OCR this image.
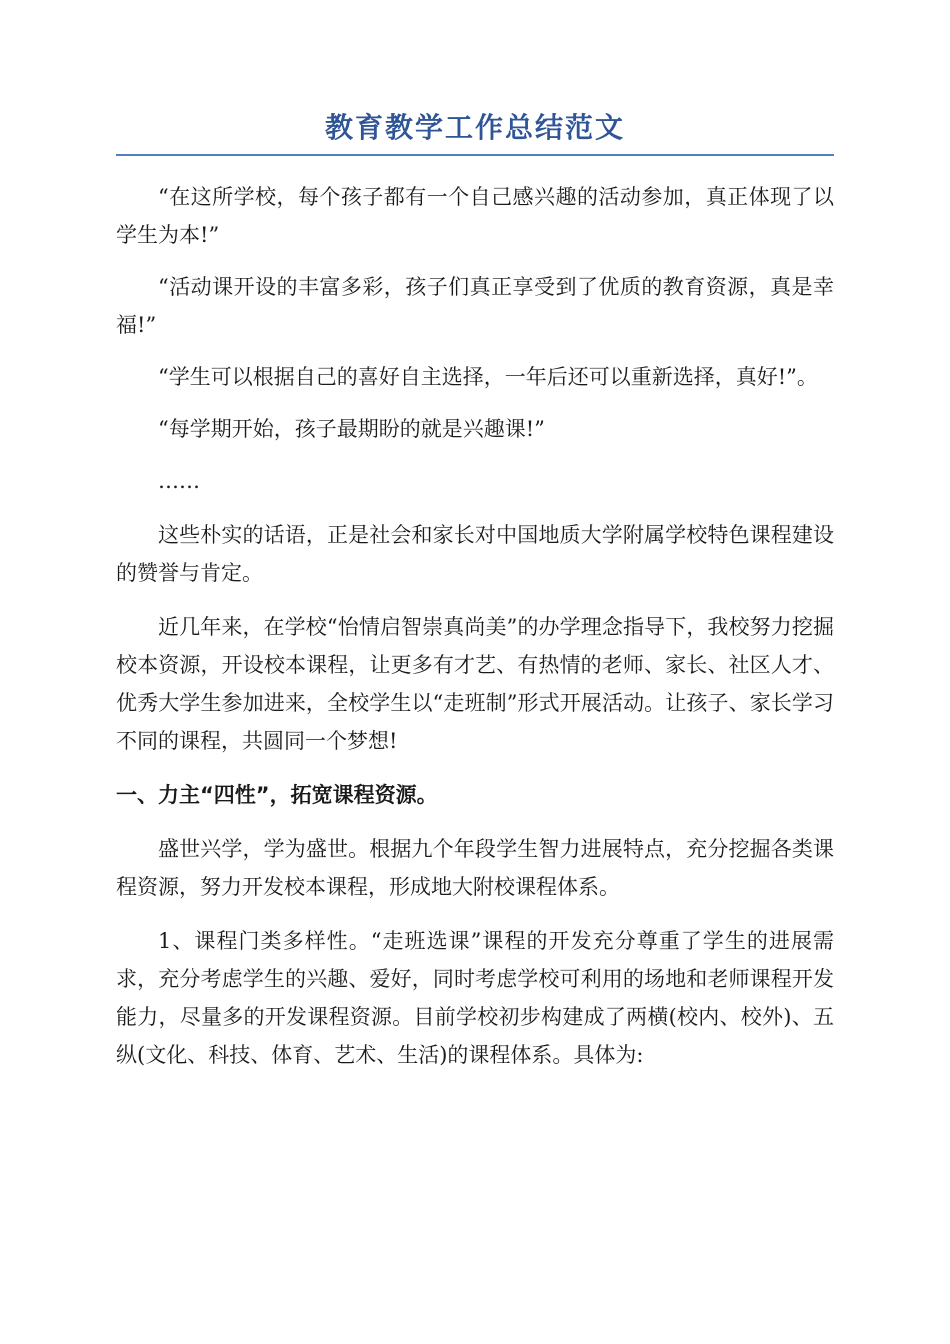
教育教学工作总结范文

“在这所学校，每个孩子都有一个自己感兴趣的活动参加，真正体现了以学生为本!”

“活动课开设的丰富多彩，孩子们真正享受到了优质的教育资源，真是幸福!”

“学生可以根据自己的喜好自主选择，一年后还可以重新选择，真好!”。

“每学期开始，孩子最期盼的就是兴趣课!”

……

这些朴实的话语，正是社会和家长对中国地质大学附属学校特色课程建设的赞誉与肯定。

近几年来，在学校“怡情启智崇真尚美”的办学理念指导下，我校努力挖掘校本资源，开设校本课程，让更多有才艺、有热情的老师、家长、社区人才、优秀大学生参加进来，全校学生以“走班制”形式开展活动。让孩子、家长学习不同的课程，共圆同一个梦想!

一、力主“四性”，拓宽课程资源。

盛世兴学，学为盛世。根据九个年段学生智力进展特点，充分挖掘各类课程资源，努力开发校本课程，形成地大附校课程体系。

1、课程门类多样性。“走班选课”课程的开发充分尊重了学生的进展需求，充分考虑学生的兴趣、爱好，同时考虑学校可利用的场地和老师课程开发能力，尽量多的开发课程资源。目前学校初步构建成了两横(校内、校外)、五纵(文化、科技、体育、艺术、生活)的课程体系。具体为:
